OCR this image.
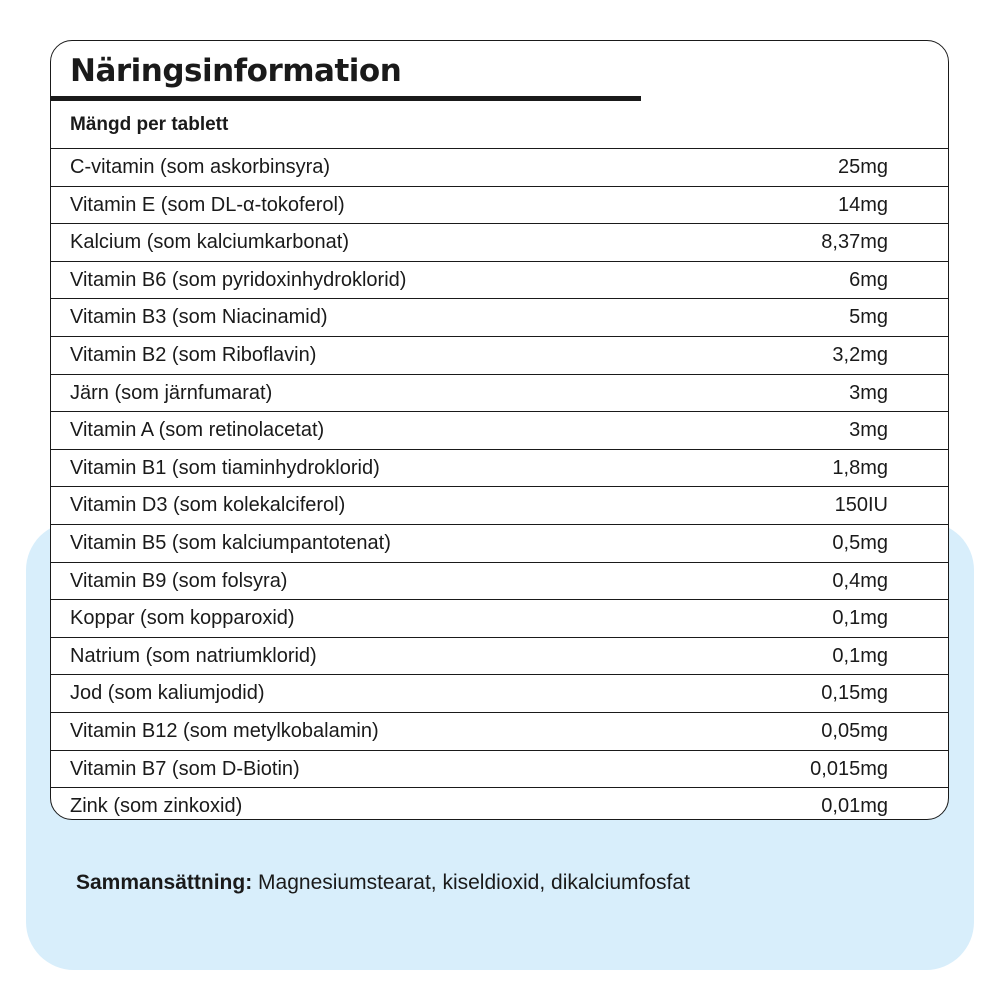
Näringsinformation
Mängd per tablett
C-vitamin (som askorbinsyra)	25mg
Vitamin E (som DL-α-tokoferol)	14mg
Kalcium (som kalciumkarbonat)	8,37mg
Vitamin B6 (som pyridoxinhydroklorid)	6mg
Vitamin B3 (som Niacinamid)	5mg
Vitamin B2 (som Riboflavin)	3,2mg
Järn (som järnfumarat)	3mg
Vitamin A (som retinolacetat)	3mg
Vitamin B1 (som tiaminhydroklorid)	1,8mg
Vitamin D3 (som kolekalciferol)	150IU
Vitamin B5 (som kalciumpantotenat)	0,5mg
Vitamin B9 (som folsyra)	0,4mg
Koppar (som kopparoxid)	0,1mg
Natrium (som natriumklorid)	0,1mg
Jod (som kaliumjodid)	0,15mg
Vitamin B12 (som metylkobalamin)	0,05mg
Vitamin B7 (som D-Biotin)	0,015mg
Zink (som zinkoxid)	0,01mg
Sammansättning: Magnesiumstearat, kiseldioxid, dikalciumfosfat
